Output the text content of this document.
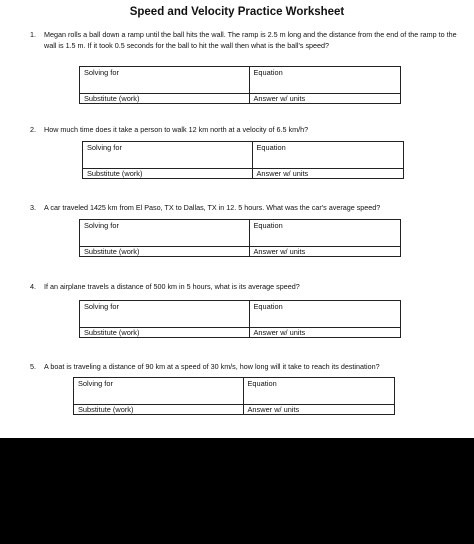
Speed and Velocity Practice Worksheet
1.	Megan rolls a ball down a ramp until the ball hits the wall. The ramp is 2.5 m long and the distance from the end of the ramp to the wall is 1.5 m. If it took 0.5 seconds for the ball to hit the wall then what is the ball's speed?
Solving for	Equation
Substitute (work)	Answer w/ units
2.	How much time does it take a person to walk 12 km north at a velocity of 6.5 km/h?
Solving for	Equation
Substitute (work)	Answer w/ units
3.	A car traveled 1425 km from El Paso, TX to Dallas, TX in 12. 5 hours. What was the car's average speed?
Solving for	Equation
Substitute (work)	Answer w/ units
4.	If an airplane travels a distance of 500 km in 5 hours, what is its average speed?
Solving for	Equation
Substitute (work)	Answer w/ units
5.	A boat is traveling a distance of 90 km at a speed of 30 km/s, how long will it take to reach its destination?
Solving for	Equation
Substitute (work)	Answer w/ units
